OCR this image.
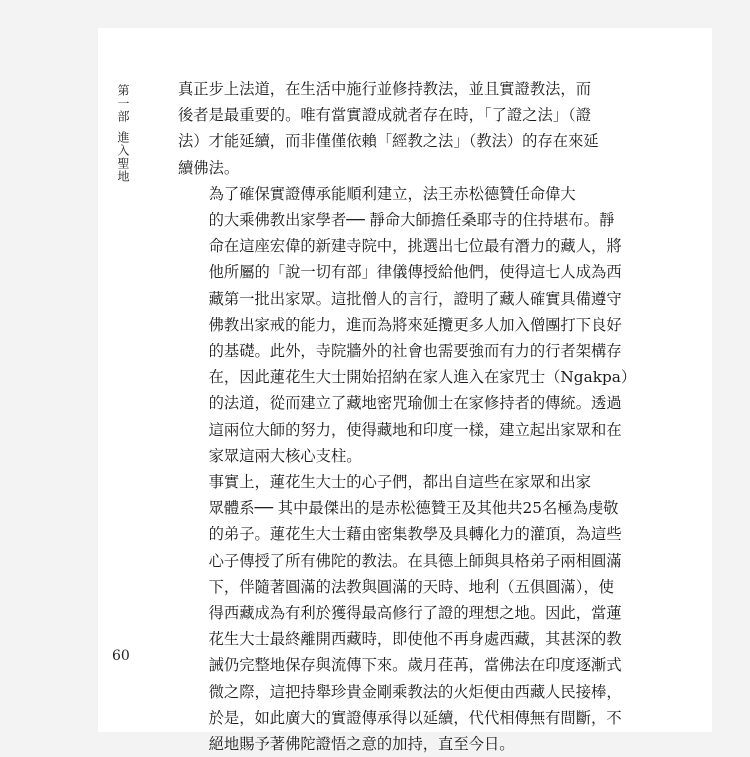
第一部進入聖地
60

真正步上法道，在生活中施行並修持教法，並且實證教法，而
後者是最重要的。唯有當實證成就者存在時，「了證之法」（證
法）才能延續，而非僅僅依賴「經教之法」（教法）的存在來延
續佛法。

為了確保實證傳承能順利建立，法王赤松德贊任命偉大
的大乘佛教出家學者── 靜命大師擔任桑耶寺的住持堪布。靜
命在這座宏偉的新建寺院中，挑選出七位最有潛力的藏人，將
他所屬的「說一切有部」律儀傳授給他們，使得這七人成為西
藏第一批出家眾。這批僧人的言行，證明了藏人確實具備遵守
佛教出家戒的能力，進而為將來延攬更多人加入僧團打下良好
的基礎。此外，寺院牆外的社會也需要強而有力的行者架構存
在，因此蓮花生大士開始招納在家人進入在家咒士（Ngakpa）
的法道，從而建立了藏地密咒瑜伽士在家修持者的傳統。透過
這兩位大師的努力，使得藏地和印度一樣，建立起出家眾和在
家眾這兩大核心支柱。

事實上，蓮花生大士的心子們，都出自這些在家眾和出家
眾體系── 其中最傑出的是赤松德贊王及其他共25名極為虔敬
的弟子。蓮花生大士藉由密集教學及具轉化力的灌頂，為這些
心子傳授了所有佛陀的教法。在具德上師與具格弟子兩相圓滿
下，伴隨著圓滿的法教與圓滿的天時、地利（五俱圓滿），使
得西藏成為有利於獲得最高修行了證的理想之地。因此，當蓮
花生大士最終離開西藏時，即使他不再身處西藏，其甚深的教
誡仍完整地保存與流傳下來。歲月荏苒，當佛法在印度逐漸式
微之際，這把持舉珍貴金剛乘教法的火炬便由西藏人民接棒，
於是，如此廣大的實證傳承得以延續，代代相傳無有間斷，不
絕地賜予著佛陀證悟之意的加持，直至今日。
